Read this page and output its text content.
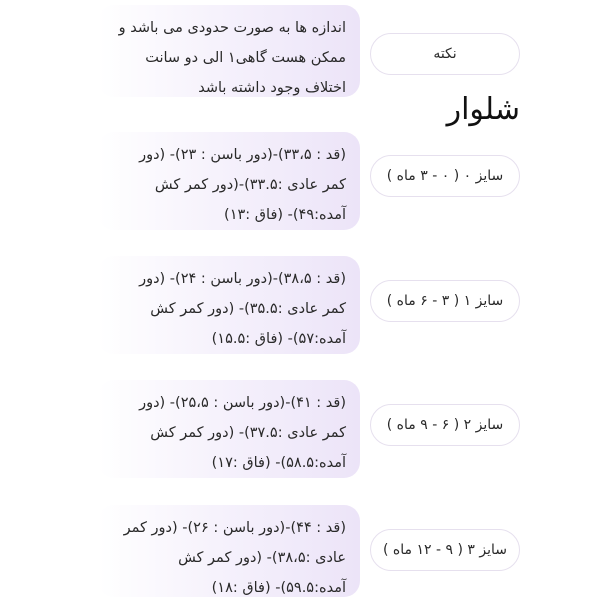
نکته
اندازه ها به صورت حدودی می باشد و
ممکن هست گاهی۱ الی دو سانت
اختلاف وجود داشته باشد
شلوار
سایز ۰ ( ۰ - ۳ ماه )
(قد : ۳۳،۵)-(دور باسن : ۲۳)- (دور
کمر عادی :۳۳.۵)-(دور کمر کش
آمده:۴۹)- (فاق :۱۳)
سایز ۱ ( ۳ - ۶ ماه )
(قد : ۳۸،۵)-(دور باسن : ۲۴)- (دور
کمر عادی :۳۵.۵)- (دور کمر کش
آمده:۵۷)- (فاق :۱۵.۵)
سایز ۲ ( ۶ - ۹ ماه )
(قد : ۴۱)-(دور باسن : ۲۵،۵)- (دور
کمر عادی :۳۷.۵)- (دور کمر کش
آمده:۵۸.۵)- (فاق :۱۷)
سایز ۳ ( ۹ - ۱۲ ماه )
(قد : ۴۴)-(دور باسن : ۲۶)- (دور کمر
عادی :۳۸،۵)- (دور کمر کش
آمده:۵۹.۵)- (فاق :۱۸)
